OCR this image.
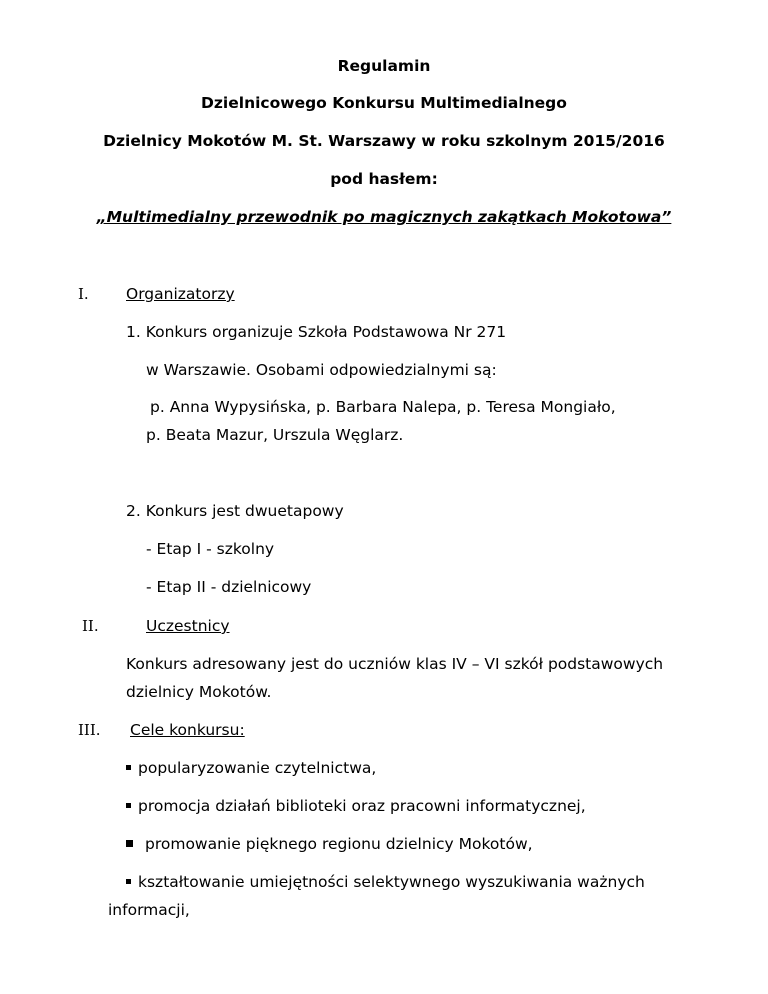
Regulamin
Dzielnicowego Konkursu Multimedialnego
Dzielnicy Mokotów M. St. Warszawy w roku szkolnym 2015/2016
pod hasłem:
„Multimedialny przewodnik po magicznych zakątkach Mokotowa”
I. Organizatorzy
1. Konkurs organizuje Szkoła Podstawowa Nr 271
w Warszawie. Osobami odpowiedzialnymi są:
p. Anna Wypysińska, p. Barbara Nalepa, p. Teresa Mongiało,
p. Beata Mazur, Urszula Węglarz.
2. Konkurs jest dwuetapowy
- Etap I - szkolny
- Etap II - dzielnicowy
II.	Uczestnicy
Konkurs adresowany jest do uczniów klas IV – VI szkół podstawowych
dzielnicy Mokotów.
III. Cele konkursu:
popularyzowanie czytelnictwa,
promocja działań biblioteki oraz pracowni informatycznej,
promowanie pięknego regionu dzielnicy Mokotów,
kształtowanie umiejętności selektywnego wyszukiwania ważnych
informacji,
